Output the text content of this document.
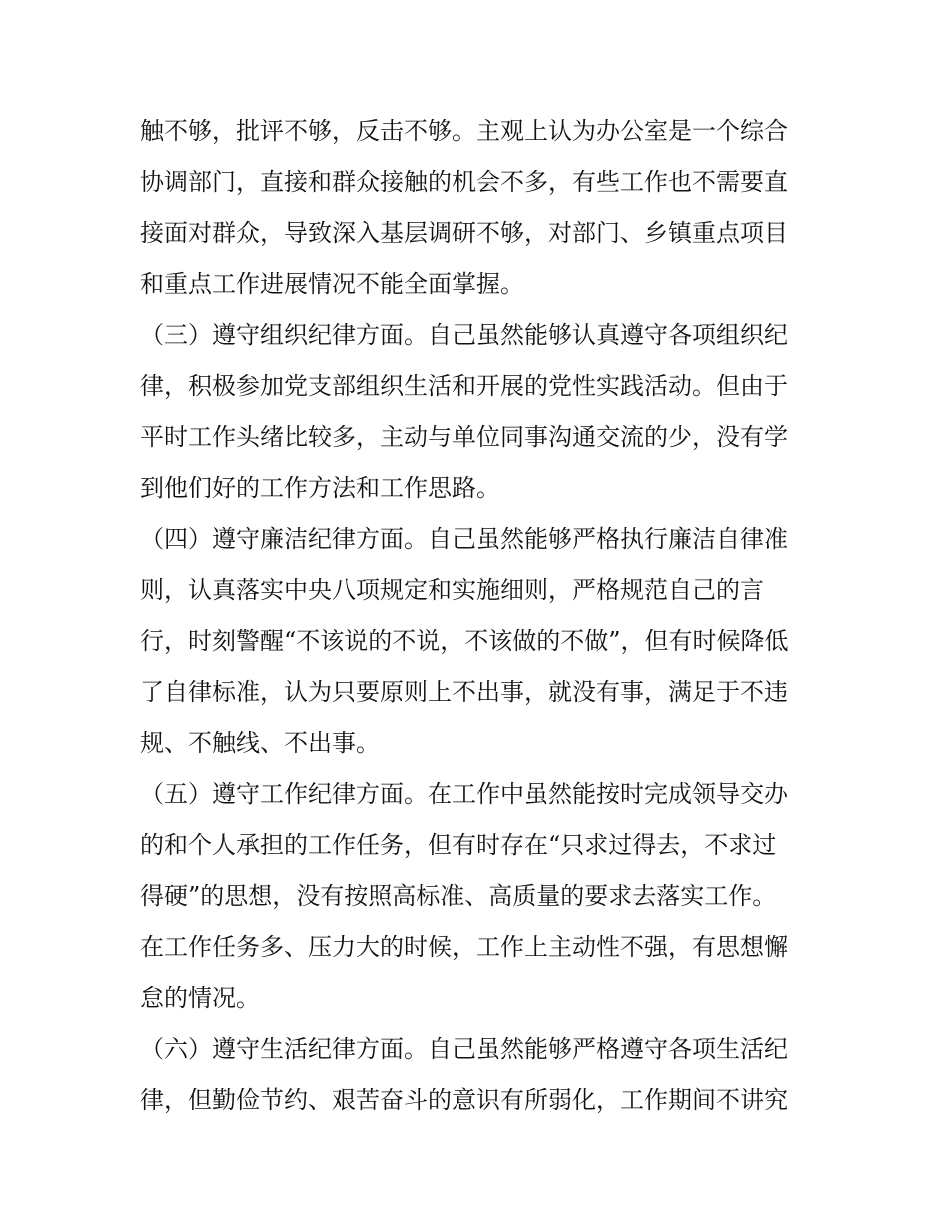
触不够，批评不够，反击不够。主观上认为办公室是一个综合

协调部门，直接和群众接触的机会不多，有些工作也不需要直

接面对群众，导致深入基层调研不够，对部门、乡镇重点项目

和重点工作进展情况不能全面掌握。

（三）遵守组织纪律方面。自己虽然能够认真遵守各项组织纪

律，积极参加党支部组织生活和开展的党性实践活动。但由于

平时工作头绪比较多，主动与单位同事沟通交流的少，没有学

到他们好的工作方法和工作思路。

（四）遵守廉洁纪律方面。自己虽然能够严格执行廉洁自律准

则，认真落实中央八项规定和实施细则，严格规范自己的言

行，时刻警醒“不该说的不说，不该做的不做”，但有时候降低

了自律标准，认为只要原则上不出事，就没有事，满足于不违

规、不触线、不出事。

（五）遵守工作纪律方面。在工作中虽然能按时完成领导交办

的和个人承担的工作任务，但有时存在“只求过得去，不求过

得硬”的思想，没有按照高标准、高质量的要求去落实工作。

在工作任务多、压力大的时候，工作上主动性不强，有思想懈

怠的情况。

（六）遵守生活纪律方面。自己虽然能够严格遵守各项生活纪

律，但勤俭节约、艰苦奋斗的意识有所弱化，工作期间不讲究
